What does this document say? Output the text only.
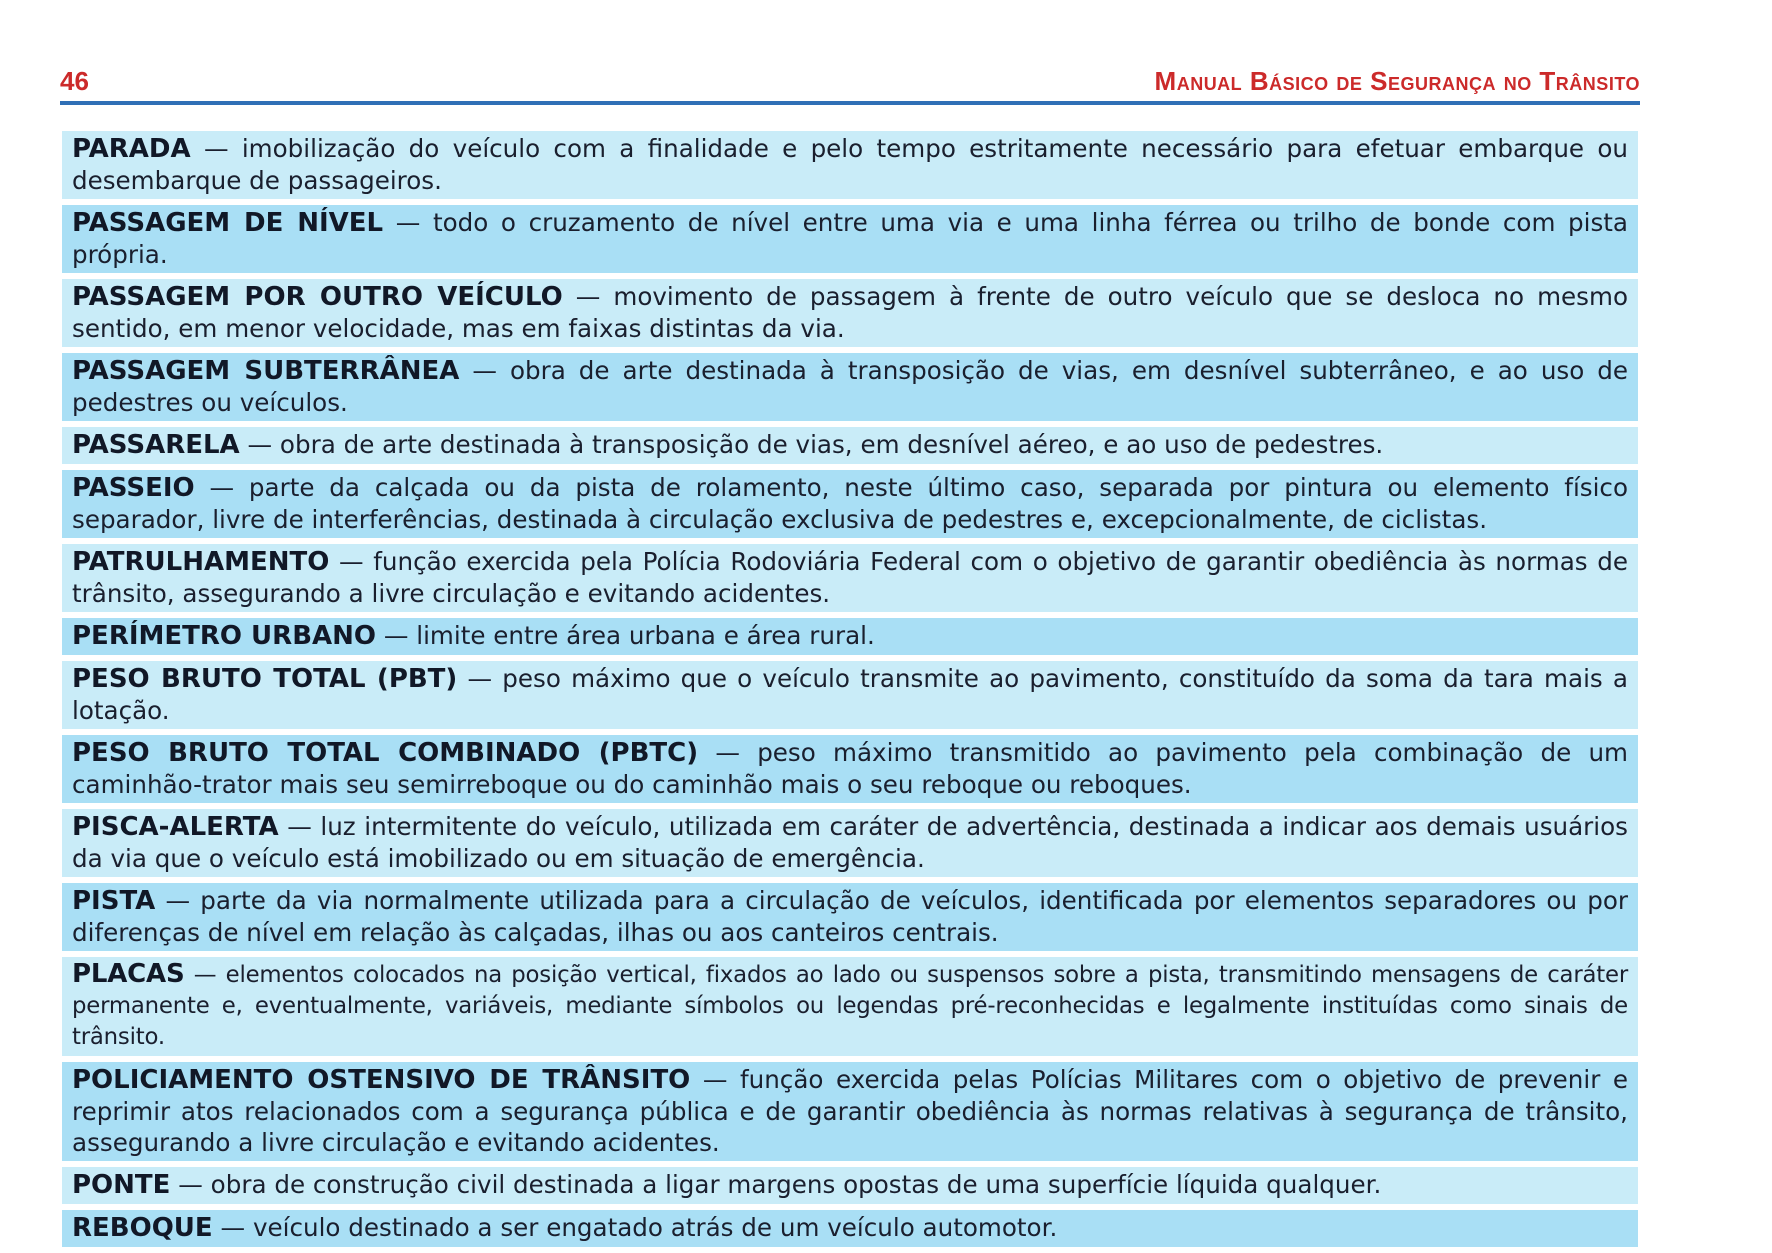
46	Manual Básico de Segurança no Trânsito
PARADA — imobilização do veículo com a finalidade e pelo tempo estritamente necessário para efetuar embarque ou desembarque de passageiros.
PASSAGEM DE NÍVEL — todo o cruzamento de nível entre uma via e uma linha férrea ou trilho de bonde com pista própria.
PASSAGEM POR OUTRO VEÍCULO — movimento de passagem à frente de outro veículo que se desloca no mesmo sentido, em menor velocidade, mas em faixas distintas da via.
PASSAGEM SUBTERRÂNEA — obra de arte destinada à transposição de vias, em desnível subterrâneo, e ao uso de pedestres ou veículos.
PASSARELA — obra de arte destinada à transposição de vias, em desnível aéreo, e ao uso de pedestres.
PASSEIO — parte da calçada ou da pista de rolamento, neste último caso, separada por pintura ou elemento físico separador, livre de interferências, destinada à circulação exclusiva de pedestres e, excepcionalmente, de ciclistas.
PATRULHAMENTO — função exercida pela Polícia Rodoviária Federal com o objetivo de garantir obediência às normas de trânsito, assegurando a livre circulação e evitando acidentes.
PERÍMETRO URBANO — limite entre área urbana e área rural.
PESO BRUTO TOTAL (PBT) — peso máximo que o veículo transmite ao pavimento, constituído da soma da tara mais a lotação.
PESO BRUTO TOTAL COMBINADO (PBTC) — peso máximo transmitido ao pavimento pela combinação de um caminhão-trator mais seu semirreboque ou do caminhão mais o seu reboque ou reboques.
PISCA-ALERTA — luz intermitente do veículo, utilizada em caráter de advertência, destinada a indicar aos demais usuários da via que o veículo está imobilizado ou em situação de emergência.
PISTA — parte da via normalmente utilizada para a circulação de veículos, identificada por elementos separadores ou por diferenças de nível em relação às calçadas, ilhas ou aos canteiros centrais.
PLACAS — elementos colocados na posição vertical, fixados ao lado ou suspensos sobre a pista, transmitindo mensagens de caráter permanente e, eventualmente, variáveis, mediante símbolos ou legendas pré-reconhecidas e legalmente instituídas como sinais de trânsito.
POLICIAMENTO OSTENSIVO DE TRÂNSITO — função exercida pelas Polícias Militares com o objetivo de prevenir e reprimir atos relacionados com a segurança pública e de garantir obediência às normas relativas à segurança de trânsito, assegurando a livre circulação e evitando acidentes.
PONTE — obra de construção civil destinada a ligar margens opostas de uma superfície líquida qualquer.
REBOQUE — veículo destinado a ser engatado atrás de um veículo automotor.
